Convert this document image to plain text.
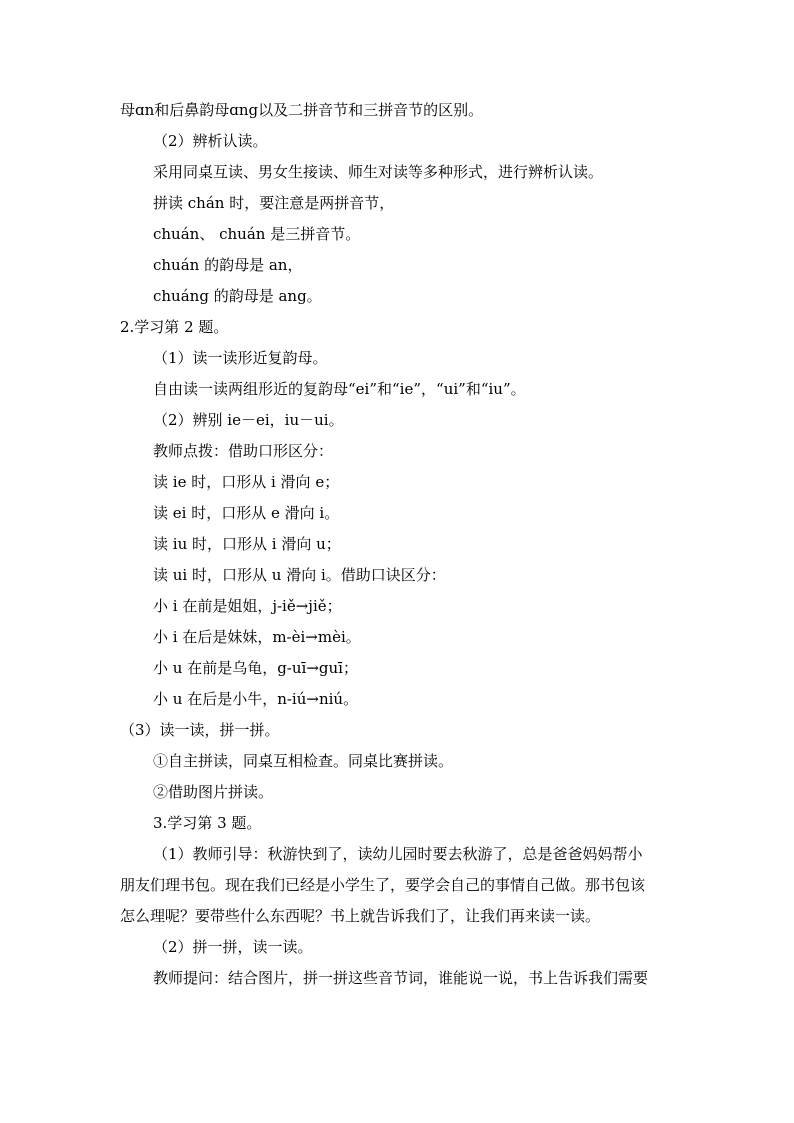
母ɑn和后鼻韵母ɑng以及二拼音节和三拼音节的区别。
（2）辨析认读。
采用同桌互读、男女生接读、师生对读等多种形式，进行辨析认读。
拼读 chán 时，要注意是两拼音节，
chuán、 chuán 是三拼音节。
chuán 的韵母是 an，
chuáng 的韵母是 ang。
2.学习第 2 题。
（1）读一读形近复韵母。
自由读一读两组形近的复韵母“ei”和“ie”，“ui”和“iu”。
（2）辨别 ie－ei，iu－ui。
教师点拨：借助口形区分：
读 ie 时，口形从 i 滑向 e；
读 ei 时，口形从 e 滑向 i。
读 iu 时，口形从 i 滑向 u；
读 ui 时，口形从 u 滑向 i。借助口诀区分：
小 i 在前是姐姐，j-iě→jiě；
小 i 在后是妹妹，m-èi→mèi。
小 u 在前是乌龟，g-uī→guī；
小 u 在后是小牛，n-iú→niú。
（3）读一读，拼一拼。
①自主拼读，同桌互相检查。同桌比赛拼读。
②借助图片拼读。
3.学习第 3 题。
（1）教师引导：秋游快到了，读幼儿园时要去秋游了，总是爸爸妈妈帮小
朋友们理书包。现在我们已经是小学生了，要学会自己的事情自己做。那书包该
怎么理呢？要带些什么东西呢？书上就告诉我们了，让我们再来读一读。
（2）拼一拼，读一读。
教师提问：结合图片，拼一拼这些音节词，谁能说一说，书上告诉我们需要
